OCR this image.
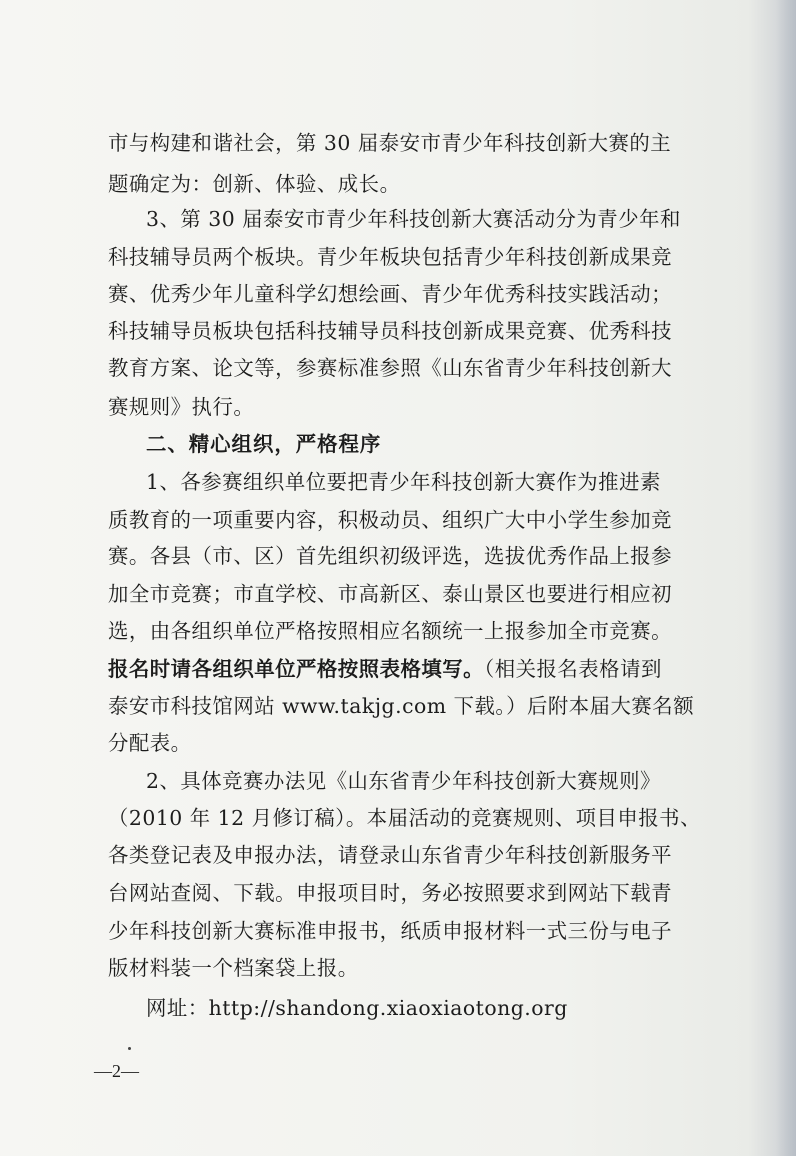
市与构建和谐社会，第 30 届泰安市青少年科技创新大赛的主
题确定为：创新、体验、成长。
3、第 30 届泰安市青少年科技创新大赛活动分为青少年和
科技辅导员两个板块。青少年板块包括青少年科技创新成果竞
赛、优秀少年儿童科学幻想绘画、青少年优秀科技实践活动；
科技辅导员板块包括科技辅导员科技创新成果竞赛、优秀科技
教育方案、论文等，参赛标准参照《山东省青少年科技创新大
赛规则》执行。
二、精心组织，严格程序
1、各参赛组织单位要把青少年科技创新大赛作为推进素
质教育的一项重要内容，积极动员、组织广大中小学生参加竞
赛。各县（市、区）首先组织初级评选，选拔优秀作品上报参
加全市竞赛；市直学校、市高新区、泰山景区也要进行相应初
选，由各组织单位严格按照相应名额统一上报参加全市竞赛。
报名时请各组织单位严格按照表格填写。（相关报名表格请到
泰安市科技馆网站 www.takjg.com 下载。）后附本届大赛名额
分配表。
2、具体竞赛办法见《山东省青少年科技创新大赛规则》
（2010 年 12 月修订稿）。本届活动的竞赛规则、项目申报书、
各类登记表及申报办法，请登录山东省青少年科技创新服务平
台网站查阅、下载。申报项目时，务必按照要求到网站下载青
少年科技创新大赛标准申报书，纸质申报材料一式三份与电子
版材料装一个档案袋上报。
网址：http://shandong.xiaoxiaotong.org
—2—
